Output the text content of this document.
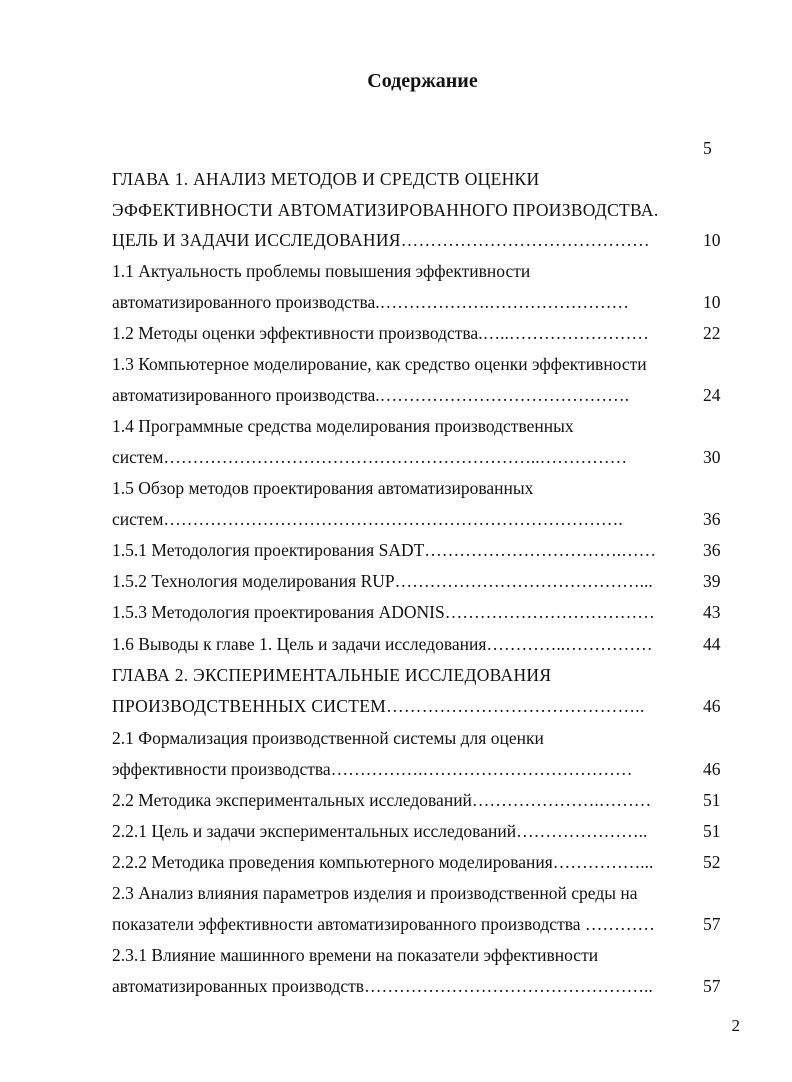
Содержание
5
ГЛАВА 1. АНАЛИЗ МЕТОДОВ И СРЕДСТВ ОЦЕНКИ
ЭФФЕКТИВНОСТИ АВТОМАТИЗИРОВАННОГО ПРОИЗВОДСТВА.
ЦЕЛЬ И ЗАДАЧИ ИССЛЕДОВАНИЯ……………………………………	10
1.1 Актуальность проблемы повышения эффективности
автоматизированного производства.……………….……………………	10
1.2 Методы оценки эффективности производства.…..……………………	22
1.3 Компьютерное моделирование, как средство оценки эффективности
автоматизированного производства.…………………………………….	24
1.4 Программные средства моделирования производственных
систем………………………………………………………..……………	30
1.5 Обзор методов проектирования автоматизированных
систем…………………………………………………………………….	36
1.5.1 Методология проектирования SADT…………………………….……	36
1.5.2 Технология моделирования RUP……………………………………...	39
1.5.3 Методология проектирования ADONIS………………………………	43
1.6 Выводы к главе 1. Цель и задачи исследования…………..……………	44
ГЛАВА 2. ЭКСПЕРИМЕНТАЛЬНЫЕ ИССЛЕДОВАНИЯ
ПРОИЗВОДСТВЕННЫХ СИСТЕМ……………………………………..	46
2.1 Формализация производственной системы для оценки
эффективности производства…………….………………………………	46
2.2 Методика экспериментальных исследований………………….………	51
2.2.1 Цель и задачи экспериментальных исследований…………………..	51
2.2.2 Методика проведения компьютерного моделирования……………...	52
2.3 Анализ влияния параметров изделия и производственной среды на
показатели эффективности автоматизированного производства …………	57
2.3.1 Влияние машинного времени на показатели эффективности
автоматизированных производств…………………………………………..	57
2
